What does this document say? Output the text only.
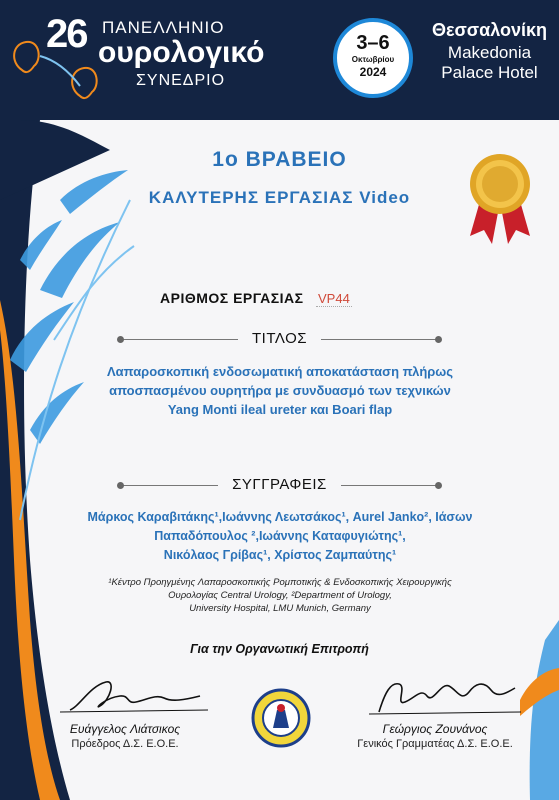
26 ΠΑΝΕΛΛΗΝΙΟ
ουρολογικό
ΣΥΝΕΔΡΙΟ
3–6
Οκτωβρίου
2024
Θεσσαλονίκη
Makedonia
Palace Hotel
1ο ΒΡΑΒΕΙΟ
ΚΑΛΥΤΕΡΗΣ ΕΡΓΑΣΙΑΣ Video
ΑΡΙΘΜΟΣ ΕΡΓΑΣΙΑΣ VP44
ΤΙΤΛΟΣ
Λαπαροσκοπική ενδοσωματική αποκατάσταση πλήρως
αποσπασμένου ουρητήρα με συνδυασμό των τεχνικών
Yang Monti ileal ureter και Boari flap
ΣΥΓΓΡΑΦΕΙΣ
Μάρκος Καραβιτάκης¹,Ιωάννης Λεωτσάκος¹, Aurel Janko², Ιάσων
Παπαδόπουλος ²,Ιωάννης Καταφυγιώτης¹,
Νικόλαος Γρίβας¹, Χρίστος Ζαμπαύτης¹
¹Κέντρο Προηγμένης Λαπαροσκοπικής Ρομποτικής & Ενδοσκοπικής Χειρουργικής
Ουρολογίας Central Urology, ²Department of Urology,
University Hospital, LMU Munich, Germany
Για την Οργανωτική Επιτροπή
Ευάγγελος Λιάτσικος
Πρόεδρος Δ.Σ. Ε.Ο.Ε.
Γεώργιος Ζουνάνος
Γενικός Γραμματέας Δ.Σ. Ε.Ο.Ε.
